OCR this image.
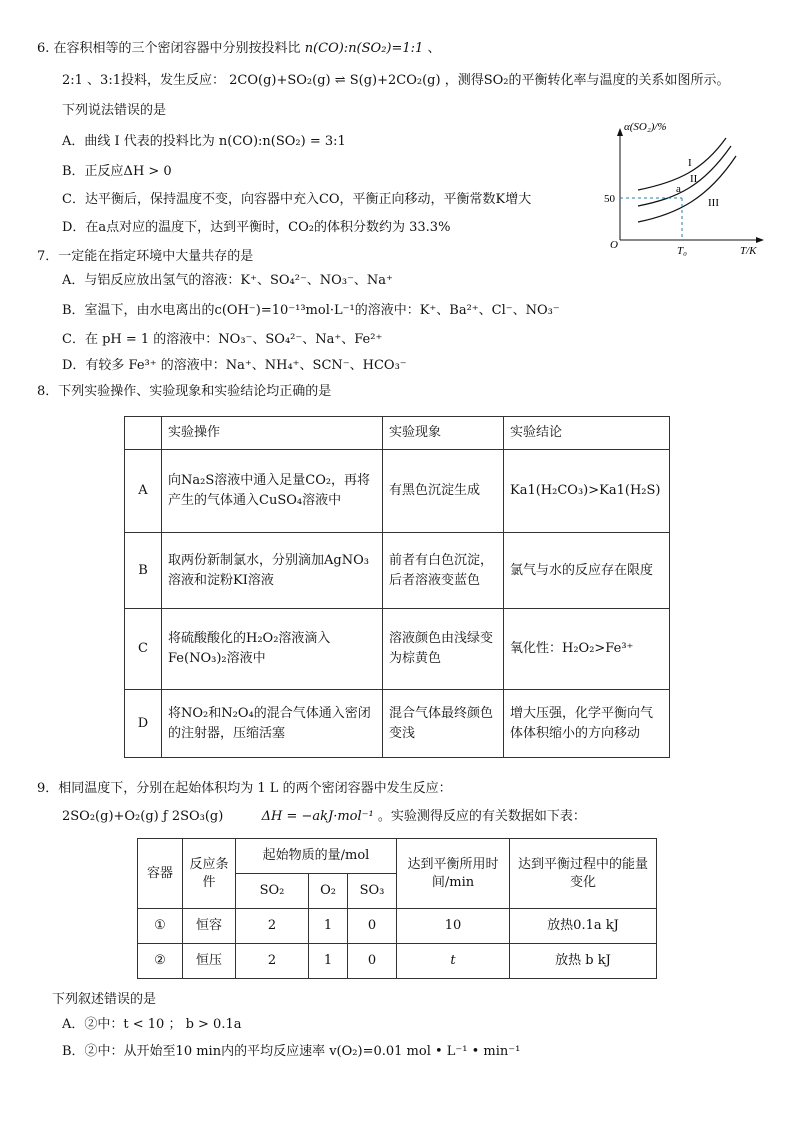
6. 在容积相等的三个密闭容器中分别按投料比 n(CO):n(SO₂)=1:1 、
2:1 、3:1投料，发生反应： 2CO(g)+SO₂(g) ⇌ S(g)+2CO₂(g) ，测得SO₂的平衡转化率与温度的关系如图所示。
下列说法错误的是
A．曲线 I 代表的投料比为 n(CO):n(SO₂) = 3:1
B．正反应ΔH > 0
C．达平衡后，保持温度不变，向容器中充入CO，平衡正向移动，平衡常数K增大
D．在a点对应的温度下，达到平衡时，CO₂的体积分数约为 33.3%
α(SO₂)/%
T/K
O
50
T₀
I
II
III
a
7．一定能在指定环境中大量共存的是
A．与铝反应放出氢气的溶液：K⁺、SO₄²⁻、NO₃⁻、Na⁺
B．室温下，由水电离出的c(OH⁻)=10⁻¹³mol·L⁻¹的溶液中：K⁺、Ba²⁺、Cl⁻、NO₃⁻
C．在 pH = 1 的溶液中：NO₃⁻、SO₄²⁻、Na⁺、Fe²⁺
D．有较多 Fe³⁺ 的溶液中：Na⁺、NH₄⁺、SCN⁻、HCO₃⁻
8．下列实验操作、实验现象和实验结论均正确的是
	实验操作	实验现象	实验结论
A	向Na₂S溶液中通入足量CO₂，再将产生的气体通入CuSO₄溶液中	有黑色沉淀生成	Ka1(H₂CO₃)>Ka1(H₂S)
B	取两份新制氯水，分别滴加AgNO₃溶液和淀粉KI溶液	前者有白色沉淀，后者溶液变蓝色	氯气与水的反应存在限度
C	将硫酸酸化的H₂O₂溶液滴入Fe(NO₃)₂溶液中	溶液颜色由浅绿变为棕黄色	氧化性：H₂O₂>Fe³⁺
D	将NO₂和N₂O₄的混合气体通入密闭的注射器，压缩活塞	混合气体最终颜色变浅	增大压强，化学平衡向气体体积缩小的方向移动
9．相同温度下，分别在起始体积均为 1 L 的两个密闭容器中发生反应：
2SO₂(g)+O₂(g) ƒ 2SO₃(g)	ΔH = −akJ·mol⁻¹ 。实验测得反应的有关数据如下表：
容器	反应条件	起始物质的量/mol			达到平衡所用时间/min	达到平衡过程中的能量变化
		SO₂	O₂	SO₃		
①	恒容	2	1	0	10	放热0.1a kJ
②	恒压	2	1	0	t	放热 b kJ
下列叙述错误的是
A．②中：t < 10 ； b > 0.1a
B．②中：从开始至10 min内的平均反应速率 v(O₂)=0.01 mol • L⁻¹ • min⁻¹
